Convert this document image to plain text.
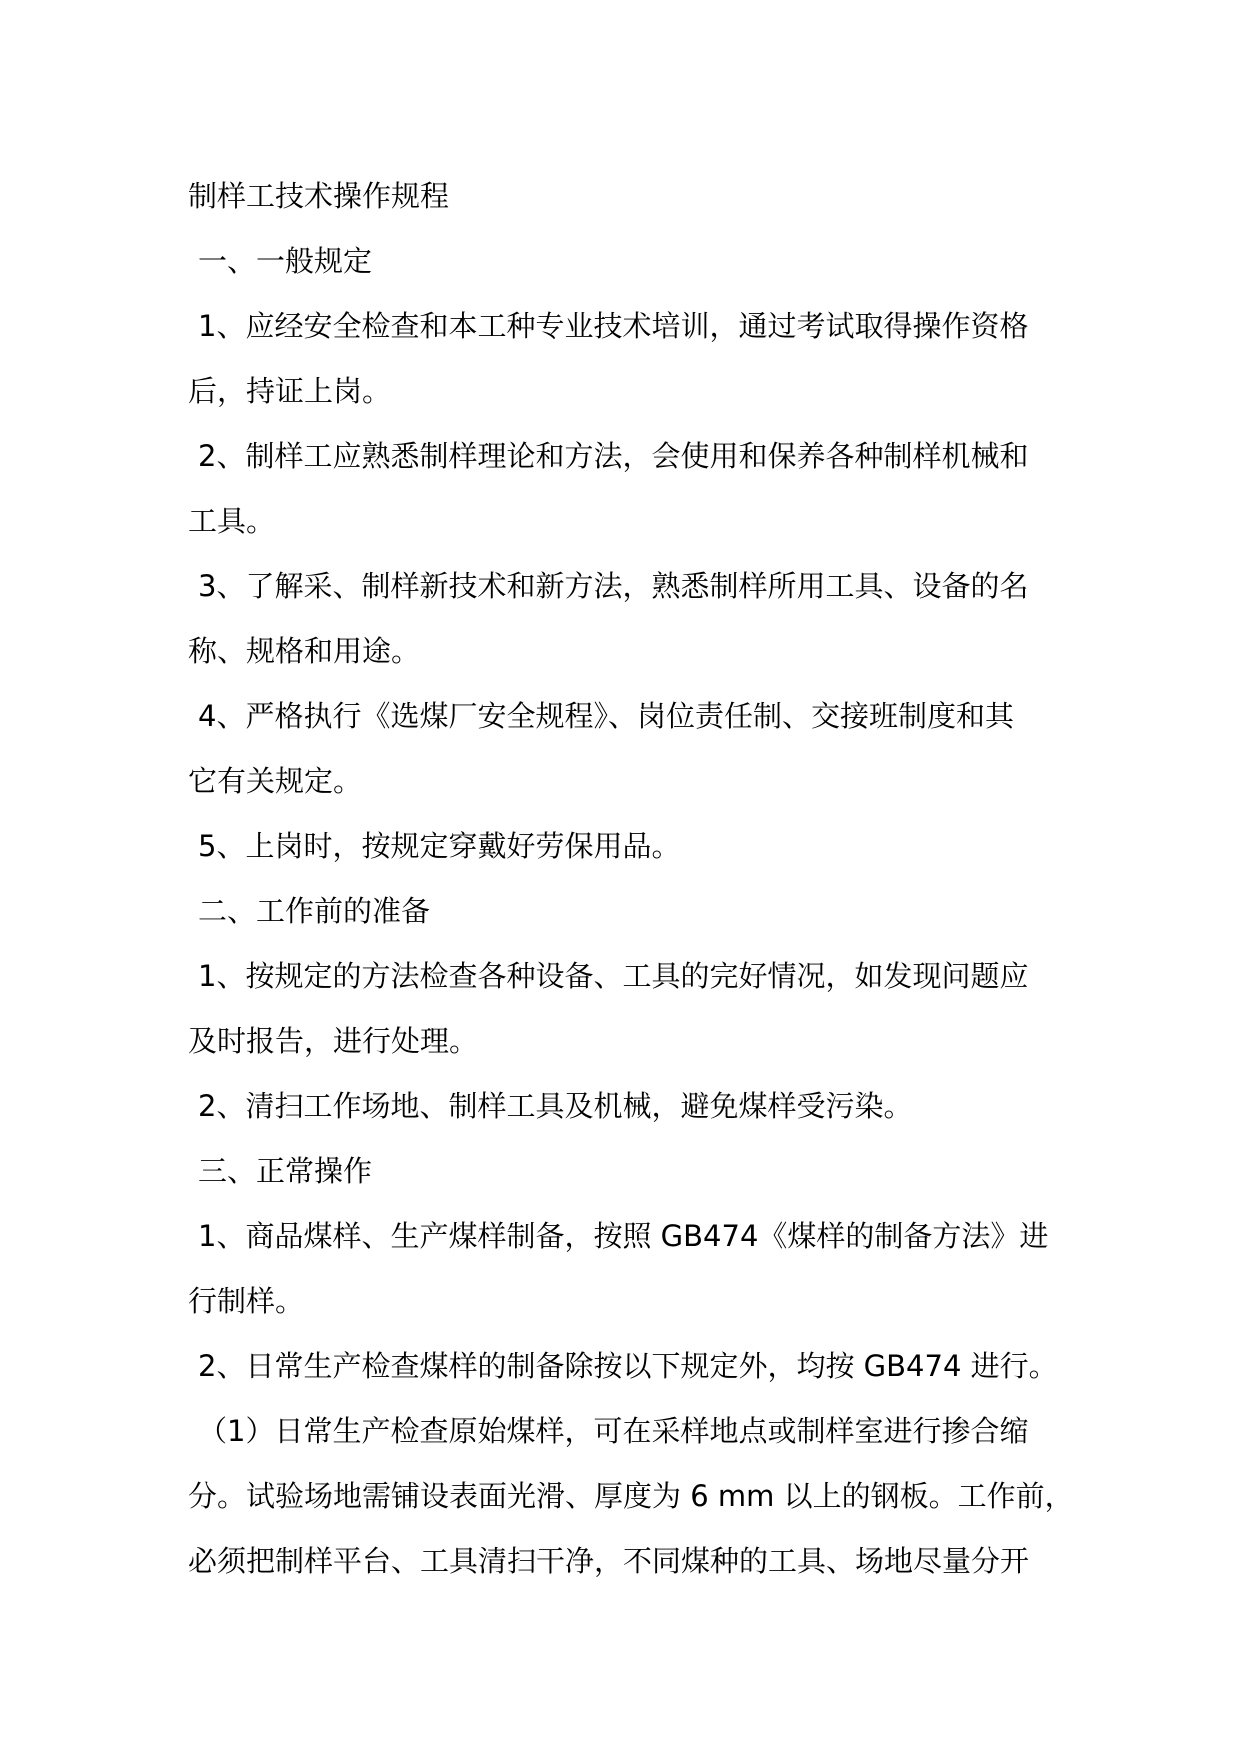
制样工技术操作规程

一、一般规定

1、应经安全检查和本工种专业技术培训，通过考试取得操作资格

后，持证上岗。

2、制样工应熟悉制样理论和方法，会使用和保养各种制样机械和

工具。

3、了解采、制样新技术和新方法，熟悉制样所用工具、设备的名

称、规格和用途。

4、严格执行《选煤厂安全规程》、岗位责任制、交接班制度和其

它有关规定。

5、上岗时，按规定穿戴好劳保用品。

二、工作前的准备

1、按规定的方法检查各种设备、工具的完好情况，如发现问题应

及时报告，进行处理。

2、清扫工作场地、制样工具及机械，避免煤样受污染。

三、正常操作

1、商品煤样、生产煤样制备，按照 GB474《煤样的制备方法》进

行制样。

2、日常生产检查煤样的制备除按以下规定外，均按 GB474 进行。

（1）日常生产检查原始煤样，可在采样地点或制样室进行掺合缩

分。试验场地需铺设表面光滑、厚度为 6 mm 以上的钢板。工作前，

必须把制样平台、工具清扫干净，不同煤种的工具、场地尽量分开
